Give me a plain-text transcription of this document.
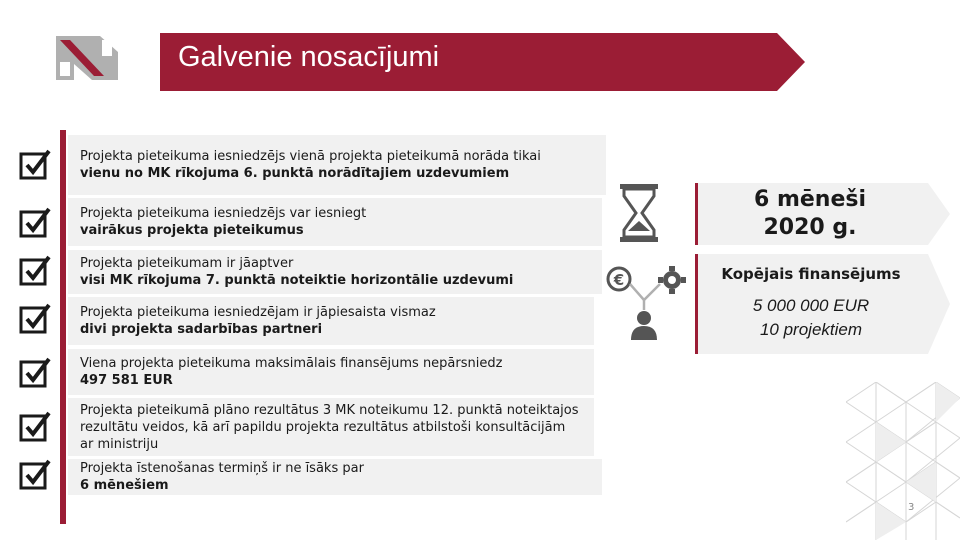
Galvenie nosacījumi
Projekta pieteikuma iesniedzējs vienā projekta pieteikumā norāda tikai
vienu no MK rīkojuma 6. punktā norādītajiem uzdevumiem
Projekta pieteikuma iesniedzējs var iesniegt
vairākus projekta pieteikumus
Projekta pieteikumam ir jāaptver
visi MK rīkojuma 7. punktā noteiktie horizontālie uzdevumi
Projekta pieteikuma iesniedzējam ir jāpiesaista vismaz
divi projekta sadarbības partneri
Viena projekta pieteikuma maksimālais finansējums nepārsniedz
497 581 EUR
Projekta pieteikumā plāno rezultātus 3 MK noteikumu 12. punktā noteiktajos rezultātu veidos, kā arī papildu projekta rezultātus atbilstoši konsultācijām ar ministriju
Projekta īstenošanas termiņš ir ne īsāks par
6 mēnešiem
€
6 mēneši
2020 g.
Kopējais finansējums
5 000 000 EUR
10 projektiem
3
